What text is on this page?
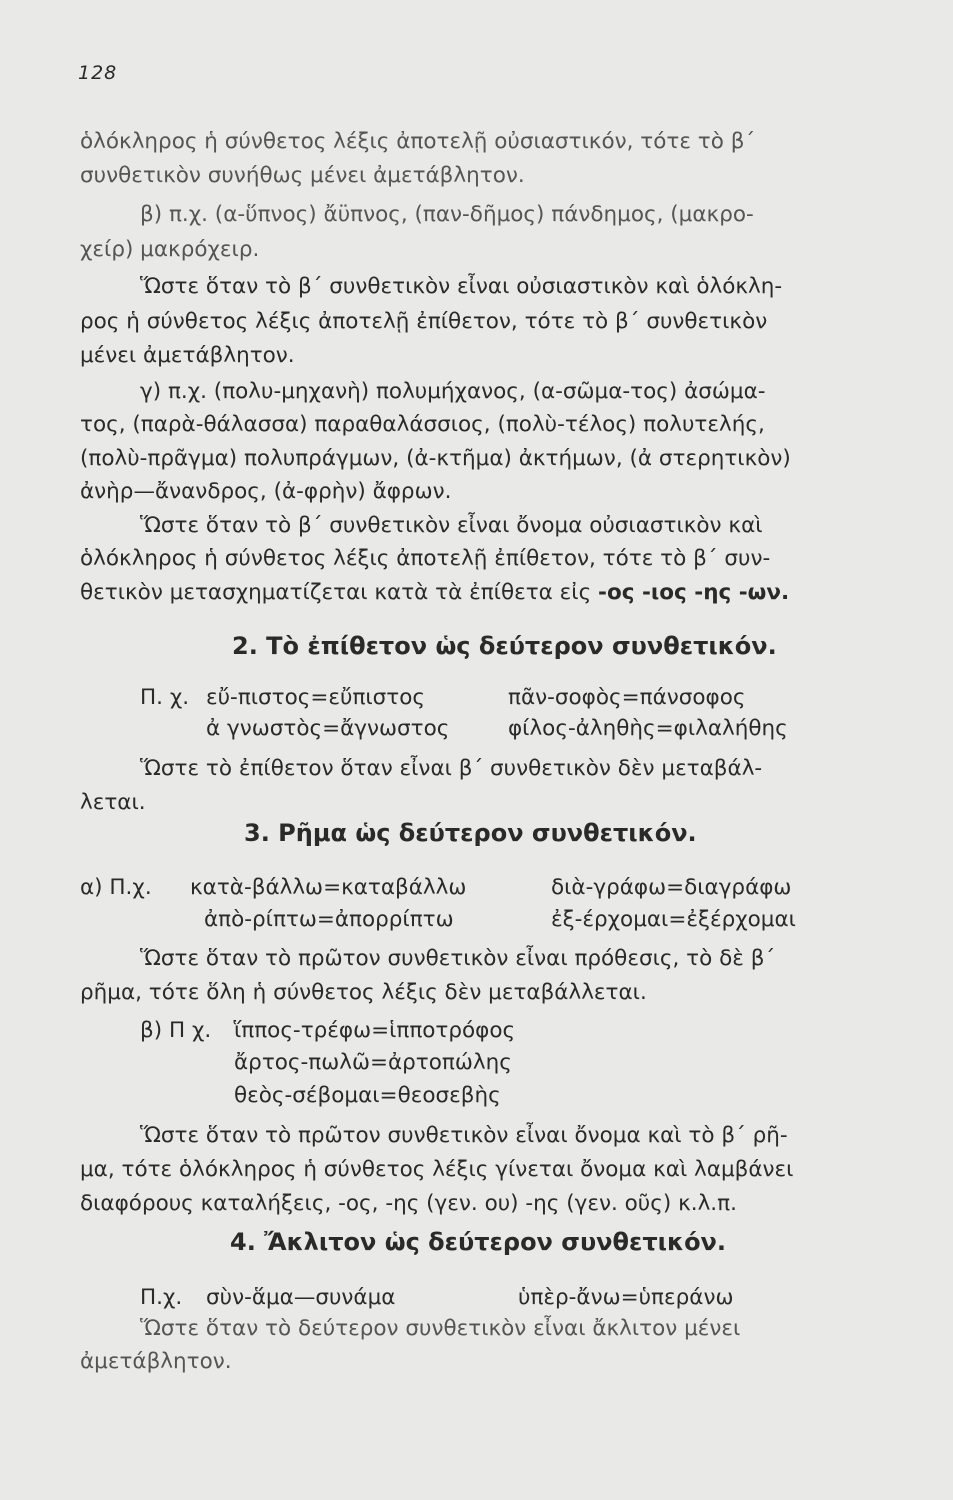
128
ὁλόκληρος ἡ σύνθετος λέξις ἀποτελῇ οὐσιαστικόν, τότε τὸ β΄
συνθετικὸν συνήθως μένει ἀμετάβλητον.
β) π.χ. (α-ὕπνος) ἄϋπνος, (παν-δῆμος) πάνδημος, (μακρο-
χείρ) μακρόχειρ.
Ὥστε ὅταν τὸ β΄ συνθετικὸν εἶναι οὐσιαστικὸν καὶ ὁλόκλη-
ρος ἡ σύνθετος λέξις ἀποτελῇ ἐπίθετον, τότε τὸ β΄ συνθετικὸν
μένει ἀμετάβλητον.
γ) π.χ. (πολυ-μηχανὴ) πολυμήχανος, (α-σῶμα-τος) ἀσώμα-
τος, (παρὰ-θάλασσα) παραθαλάσσιος, (πολὺ-τέλος) πολυτελής,
(πολὺ-πρᾶγμα) πολυπράγμων, (ἀ-κτῆμα) ἀκτήμων, (ἀ στερητικὸν)
ἀνὴρ—ἄνανδρος, (ἀ-φρὴν) ἄφρων.
Ὥστε ὅταν τὸ β΄ συνθετικὸν εἶναι ὄνομα οὐσιαστικὸν καὶ
ὁλόκληρος ἡ σύνθετος λέξις ἀποτελῇ ἐπίθετον, τότε τὸ β΄ συν-
θετικὸν μετασχηματίζεται κατὰ τὰ ἐπίθετα εἰς -ος -ιος -ης -ων.
2. Τὸ ἐπίθετον ὡς δεύτερον συνθετικόν.
Π. χ. εὔ-πιστος=εὔπιστος	πᾶν-σοφὸς=πάνσοφος
ἀ γνωστὸς=ἄγνωστος	φίλος-ἀληθὴς=φιλαλήθης
Ὥστε τὸ ἐπίθετον ὅταν εἶναι β΄ συνθετικὸν δὲν μεταβάλ-
λεται.
3. Ρῆμα ὡς δεύτερον συνθετικόν.
α) Π.χ. κατὰ-βάλλω=καταβάλλω	διὰ-γράφω=διαγράφω
ἀπὸ-ρίπτω=ἀπορρίπτω	ἐξ-έρχομαι=ἐξέρχομαι
Ὥστε ὅταν τὸ πρῶτον συνθετικὸν εἶναι πρόθεσις, τὸ δὲ β΄
ρῆμα, τότε ὅλη ἡ σύνθετος λέξις δὲν μεταβάλλεται.
β) Π χ. ἵππος-τρέφω=ἱπποτρόφος
ἄρτος-πωλῶ=ἀρτοπώλης
θεὸς-σέβομαι=θεοσεβὴς
Ὥστε ὅταν τὸ πρῶτον συνθετικὸν εἶναι ὄνομα καὶ τὸ β΄ ρῆ-
μα, τότε ὁλόκληρος ἡ σύνθετος λέξις γίνεται ὄνομα καὶ λαμβάνει
διαφόρους καταλήξεις, -ος, -ης (γεν. ου) -ης (γεν. οῦς) κ.λ.π.
4. Ἄκλιτον ὡς δεύτερον συνθετικόν.
Π.χ. σὺν-ἅμα—συνάμα	ὑπὲρ-ἄνω=ὑπεράνω
Ὥστε ὅταν τὸ δεύτερον συνθετικὸν εἶναι ἄκλιτον μένει
ἀμετάβλητον.
